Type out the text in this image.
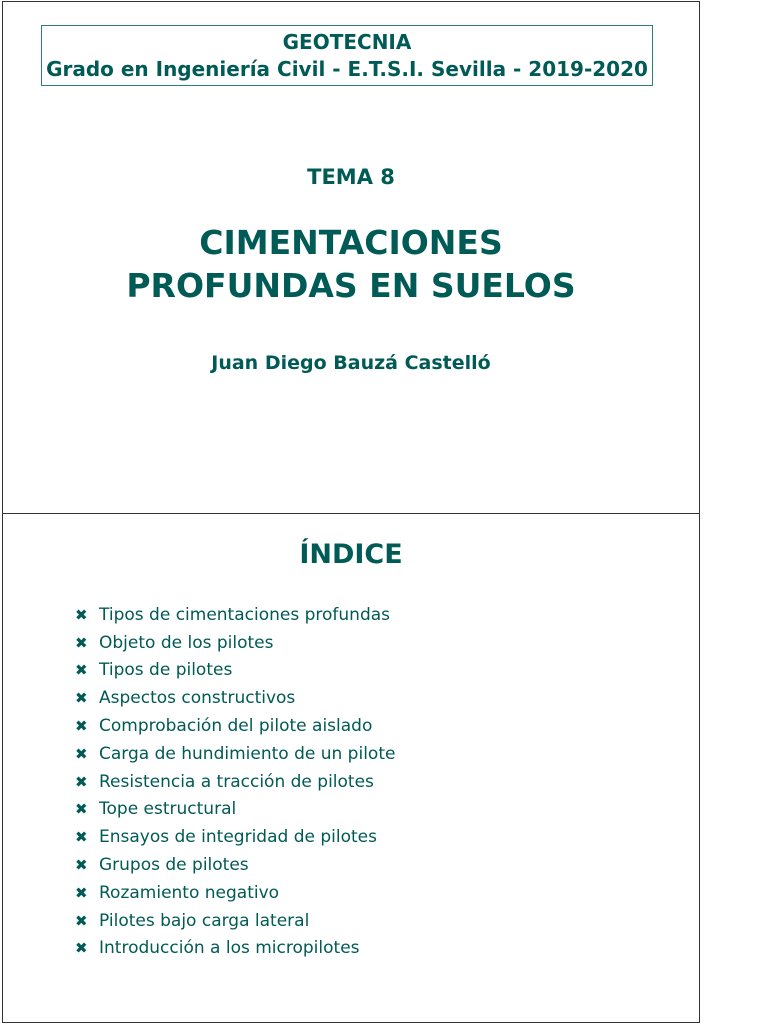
GEOTECNIA
Grado en Ingeniería Civil - E.T.S.I. Sevilla - 2019-2020
TEMA 8
CIMENTACIONES
PROFUNDAS EN SUELOS
Juan Diego Bauzá Castelló
ÍNDICE
✖ Tipos de cimentaciones profundas
✖ Objeto de los pilotes
✖ Tipos de pilotes
✖ Aspectos constructivos
✖ Comprobación del pilote aislado
✖ Carga de hundimiento de un pilote
✖ Resistencia a tracción de pilotes
✖ Tope estructural
✖ Ensayos de integridad de pilotes
✖ Grupos de pilotes
✖ Rozamiento negativo
✖ Pilotes bajo carga lateral
✖ Introducción a los micropilotes
